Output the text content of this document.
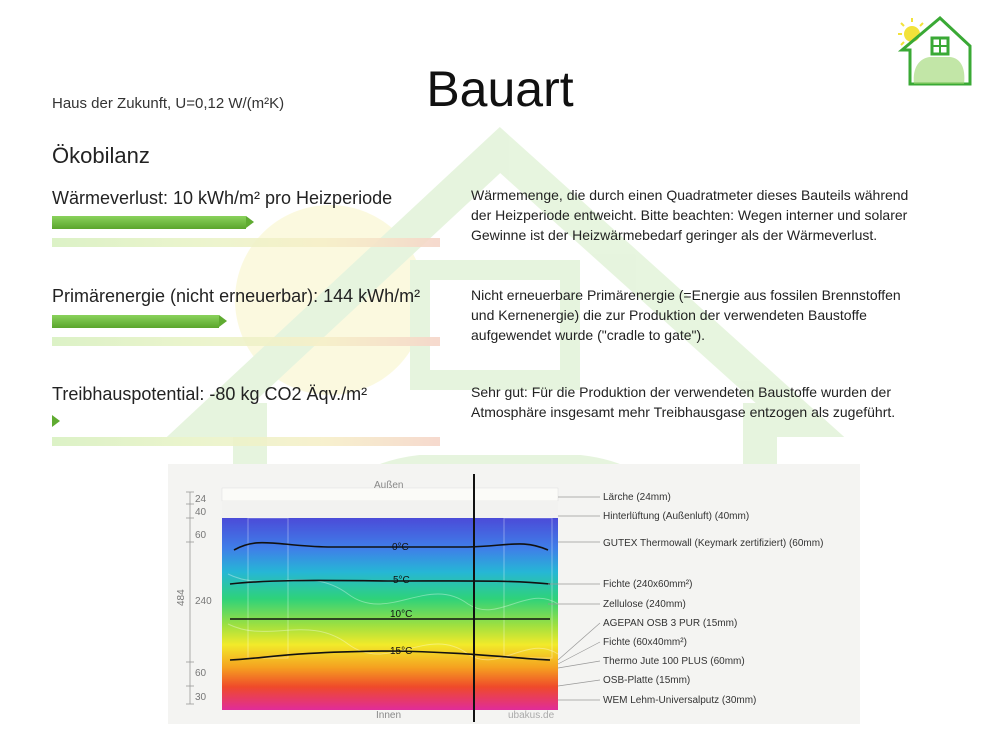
Bauart
Haus der Zukunft, U=0,12 W/(m²K)
Ökobilanz
Wärmeverlust: 10 kWh/m² pro Heizperiode	Wärmemenge, die durch einen Quadratmeter dieses Bauteils während der Heizperiode entweicht. Bitte beachten: Wegen interner und solarer Gewinne ist der Heizwärmebedarf geringer als der Wärmeverlust.
Primärenergie (nicht erneuerbar): 144 kWh/m²	Nicht erneuerbare Primärenergie (=Energie aus fossilen Brennstoffen und Kernenergie) die zur Produktion der verwendeten Baustoffe aufgewendet wurde ("cradle to gate").
Treibhauspotential: -80 kg CO2 Äqv./m²	Sehr gut: Für die Produktion der verwendeten Baustoffe wurden der Atmosphäre insgesamt mehr Treibhausgase entzogen als zugeführt.
0°C
5°C
10°C
15°C
Außen
Innen	ubakus.de
24
40
60
240
60
30
484
Lärche (24mm)
Hinterlüftung (Außenluft) (40mm)
GUTEX Thermowall (Keymark zertifiziert) (60mm)
Fichte (240x60mm²)
Zellulose (240mm)
AGEPAN OSB 3 PUR (15mm)
Fichte (60x40mm²)
Thermo Jute 100 PLUS (60mm)
OSB-Platte (15mm)
WEM Lehm-Universalputz (30mm)
